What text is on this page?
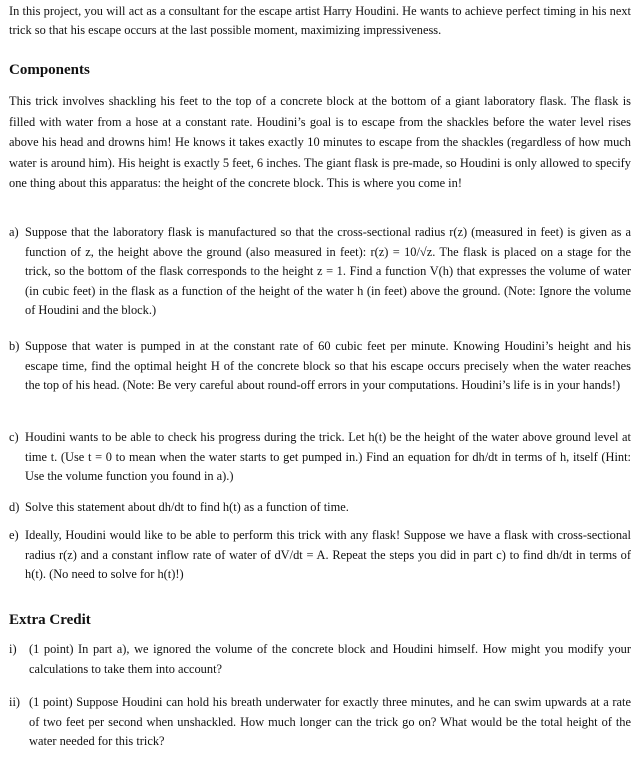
In this project, you will act as a consultant for the escape artist Harry Houdini. He wants to achieve perfect timing in his next trick so that his escape occurs at the last possible moment, maximizing impressiveness.

Components

This trick involves shackling his feet to the top of a concrete block at the bottom of a giant laboratory flask. The flask is filled with water from a hose at a constant rate. Houdini’s goal is to escape from the shackles before the water level rises above his head and drowns him! He knows it takes exactly 10 minutes to escape from the shackles (regardless of how much water is around him). His height is exactly 5 feet, 6 inches. The giant flask is pre-made, so Houdini is only allowed to specify one thing about this apparatus: the height of the concrete block. This is where you come in!

a) Suppose that the laboratory flask is manufactured so that the cross-sectional radius r(z) (measured in feet) is given as a function of z, the height above the ground (also measured in feet): r(z) = 10/√z. The flask is placed on a stage for the trick, so the bottom of the flask corresponds to the height z = 1. Find a function V(h) that expresses the volume of water (in cubic feet) in the flask as a function of the height of the water h (in feet) above the ground. (Note: Ignore the volume of Houdini and the block.)

b) Suppose that water is pumped in at the constant rate of 60 cubic feet per minute. Knowing Houdini’s height and his escape time, find the optimal height H of the concrete block so that his escape occurs precisely when the water reaches the top of his head. (Note: Be very careful about round-off errors in your computations. Houdini’s life is in your hands!)

c) Houdini wants to be able to check his progress during the trick. Let h(t) be the height of the water above ground level at time t. (Use t = 0 to mean when the water starts to get pumped in.) Find an equation for dh/dt in terms of h, itself (Hint: Use the volume function you found in a).)

d) Solve this statement about dh/dt to find h(t) as a function of time.

e) Ideally, Houdini would like to be able to perform this trick with any flask! Suppose we have a flask with cross-sectional radius r(z) and a constant inflow rate of water of dV/dt = A. Repeat the steps you did in part c) to find dh/dt in terms of h(t). (No need to solve for h(t)!)

Extra Credit
i) (1 point) In part a), we ignored the volume of the concrete block and Houdini himself. How might you modify your calculations to take them into account?

ii) (1 point) Suppose Houdini can hold his breath underwater for exactly three minutes, and he can swim upwards at a rate of two feet per second when unshackled. How much longer can the trick go on? What would be the total height of the water needed for this trick?
